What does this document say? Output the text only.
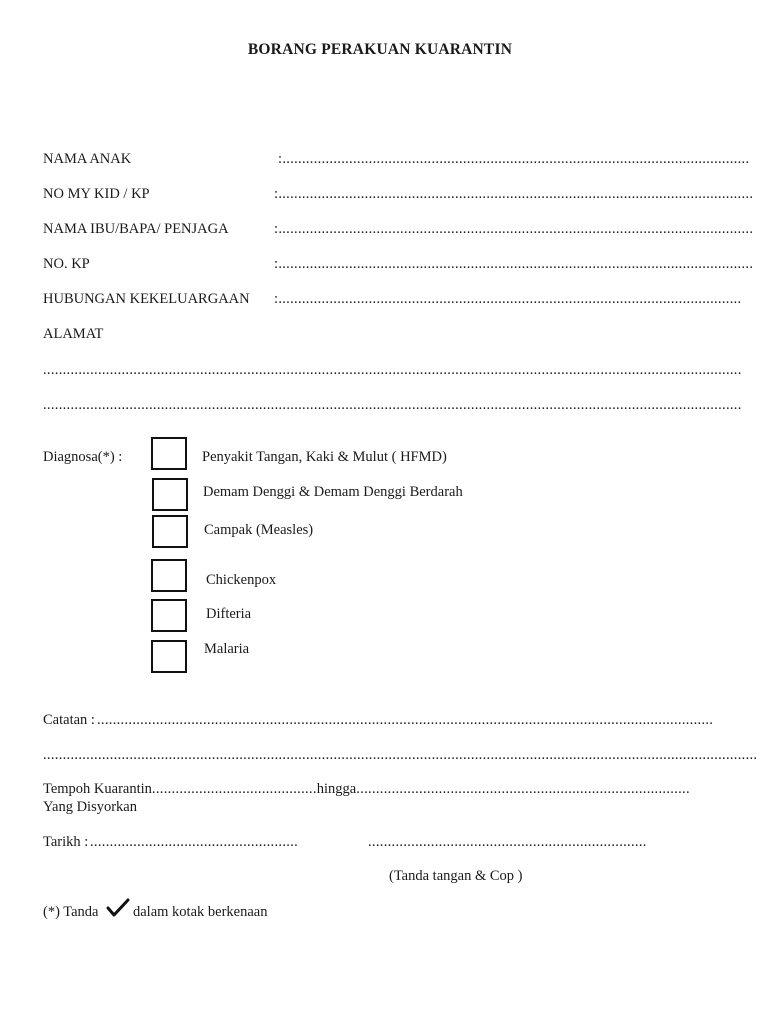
BORANG PERAKUAN KUARANTIN
NAMA ANAK	:.......................................................................................................................
NO MY KID / KP	:.........................................................................................................................
NAMA IBU/BAPA/ PENJAGA	:.........................................................................................................................
NO. KP	:.........................................................................................................................
HUBUNGAN KEKELUARGAAN :......................................................................................................................
ALAMAT
..................................................................................................................................................................................
..................................................................................................................................................................................
Diagnosa(*) :	Penyakit Tangan, Kaki & Mulut ( HFMD)
Demam Denggi & Demam Denggi Berdarah
Campak (Measles)
Chickenpox
Difteria
Malaria
Catatan : .............................................................................................................................................................
......................................................................................................................................................................................
Tempoh Kuarantin..........................................hingga.....................................................................................
Yang Disyorkan
Tarikh : .....................................................	.......................................................................
(Tanda tangan & Cop )
(*) Tanda dalam kotak berkenaan
